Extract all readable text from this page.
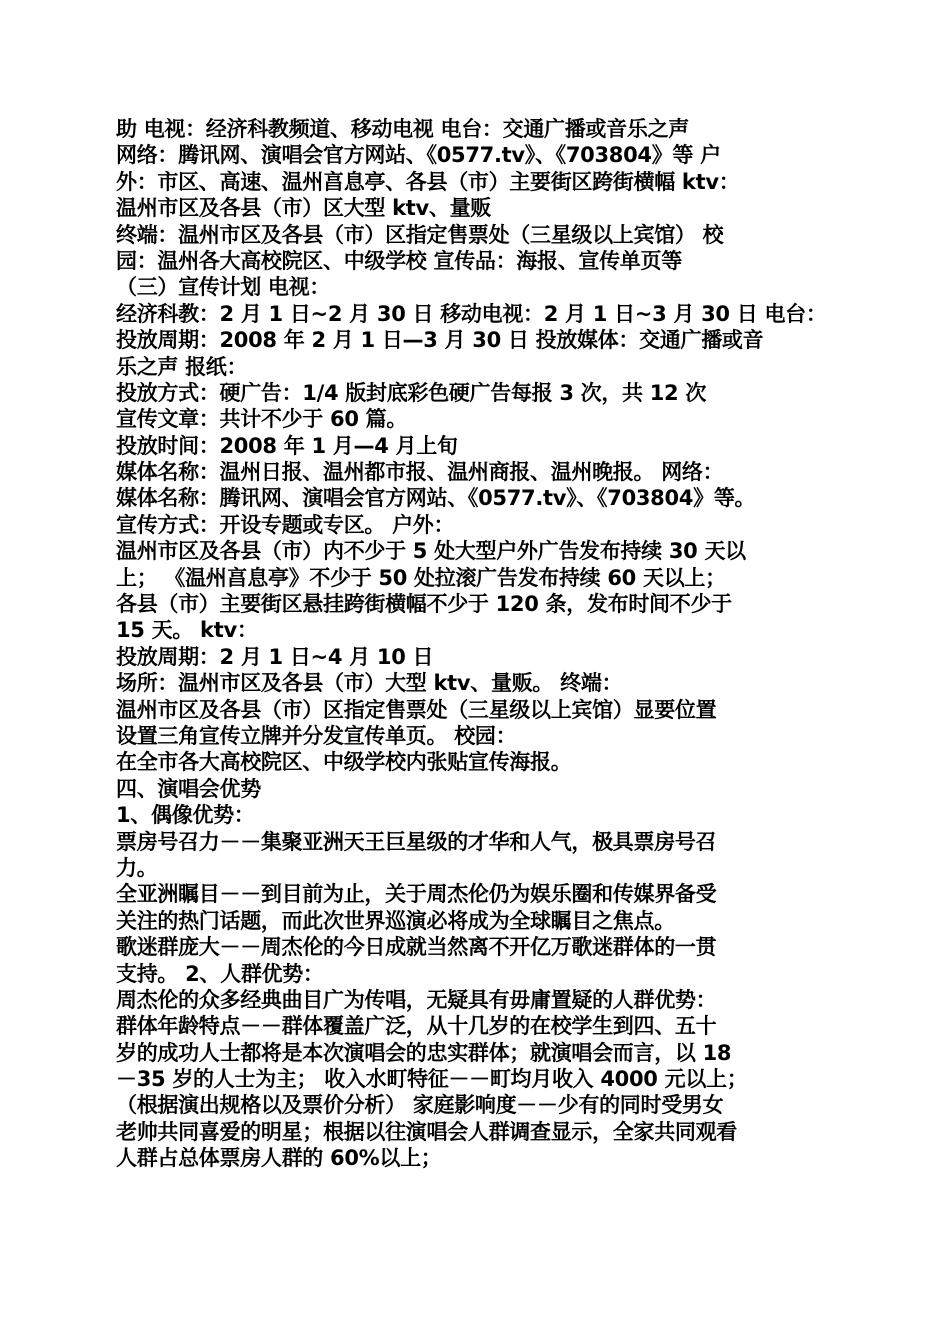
助 电视：经济科教频道、移动电视 电台：交通广播或音乐之声
网络：腾讯网、演唱会官方网站、《0577.tv》、《703804》等 户
外：市区、高速、温州亯息亭、各县（市）主要街区跨街横幅 ktv：
温州市区及各县（市）区大型 ktv、量贩
终端：温州市区及各县（市）区指定售票处（三星级以上宾馆） 校
园：温州各大高校院区、中级学校 宣传品：海报、宣传单页等
（三）宣传计划 电视：
经济科教：2 月 1 日~2 月 30 日 移动电视：2 月 1 日~3 月 30 日 电台：
投放周期：2008 年 2 月 1 日—3 月 30 日 投放媒体：交通广播或音
乐之声 报纸：
投放方式：硬广告：1/4 版封底彩色硬广告每报 3 次，共 12 次
宣传文章：共计不少于 60 篇。
投放时间：2008 年 1 月—4 月上旬
媒体名称：温州日报、温州都市报、温州商报、温州晚报。 网络：
媒体名称：腾讯网、演唱会官方网站、《0577.tv》、《703804》等。
宣传方式：开设专题或专区。 户外：
温州市区及各县（市）内不少于 5 处大型户外广告发布持续 30 天以
上； 《温州亯息亭》不少于 50 处拉滚广告发布持续 60 天以上；
各县（市）主要街区悬挂跨街横幅不少于 120 条，发布时间不少于
15 天。 ktv：
投放周期：2 月 1 日~4 月 10 日
场所：温州市区及各县（市）大型 ktv、量贩。 终端：
温州市区及各县（市）区指定售票处（三星级以上宾馆）显要位置
设置三角宣传立牌并分发宣传单页。 校园：
在全市各大高校院区、中级学校内张贴宣传海报。
四、演唱会优势
1、偶像优势：
票房号召力－－集聚亚洲天王巨星级的才华和人气，极具票房号召
力。
全亚洲瞩目－－到目前为止，关于周杰伦仍为娱乐圈和传媒界备受
关注的热门话题，而此次世界巡演必将成为全球瞩目之焦点。
歌迷群庞大－－周杰伦的今日成就当然离不开亿万歌迷群体的一贯
支持。 2、人群优势：
周杰伦的众多经典曲目广为传唱，无疑具有毋庸置疑的人群优势：
群体年龄特点－－群体覆盖广泛，从十几岁的在校学生到四、五十
岁的成功人士都将是本次演唱会的忠实群体；就演唱会而言，以 18
－35 岁的人士为主； 收入水町特征－－町均月收入 4000 元以上；
（根据演出规格以及票价分析） 家庭影响度－－少有的同时受男女
老帅共同喜爱的明星；根据以往演唱会人群调查显示，全家共同观看
人群占总体票房人群的 60%以上；
